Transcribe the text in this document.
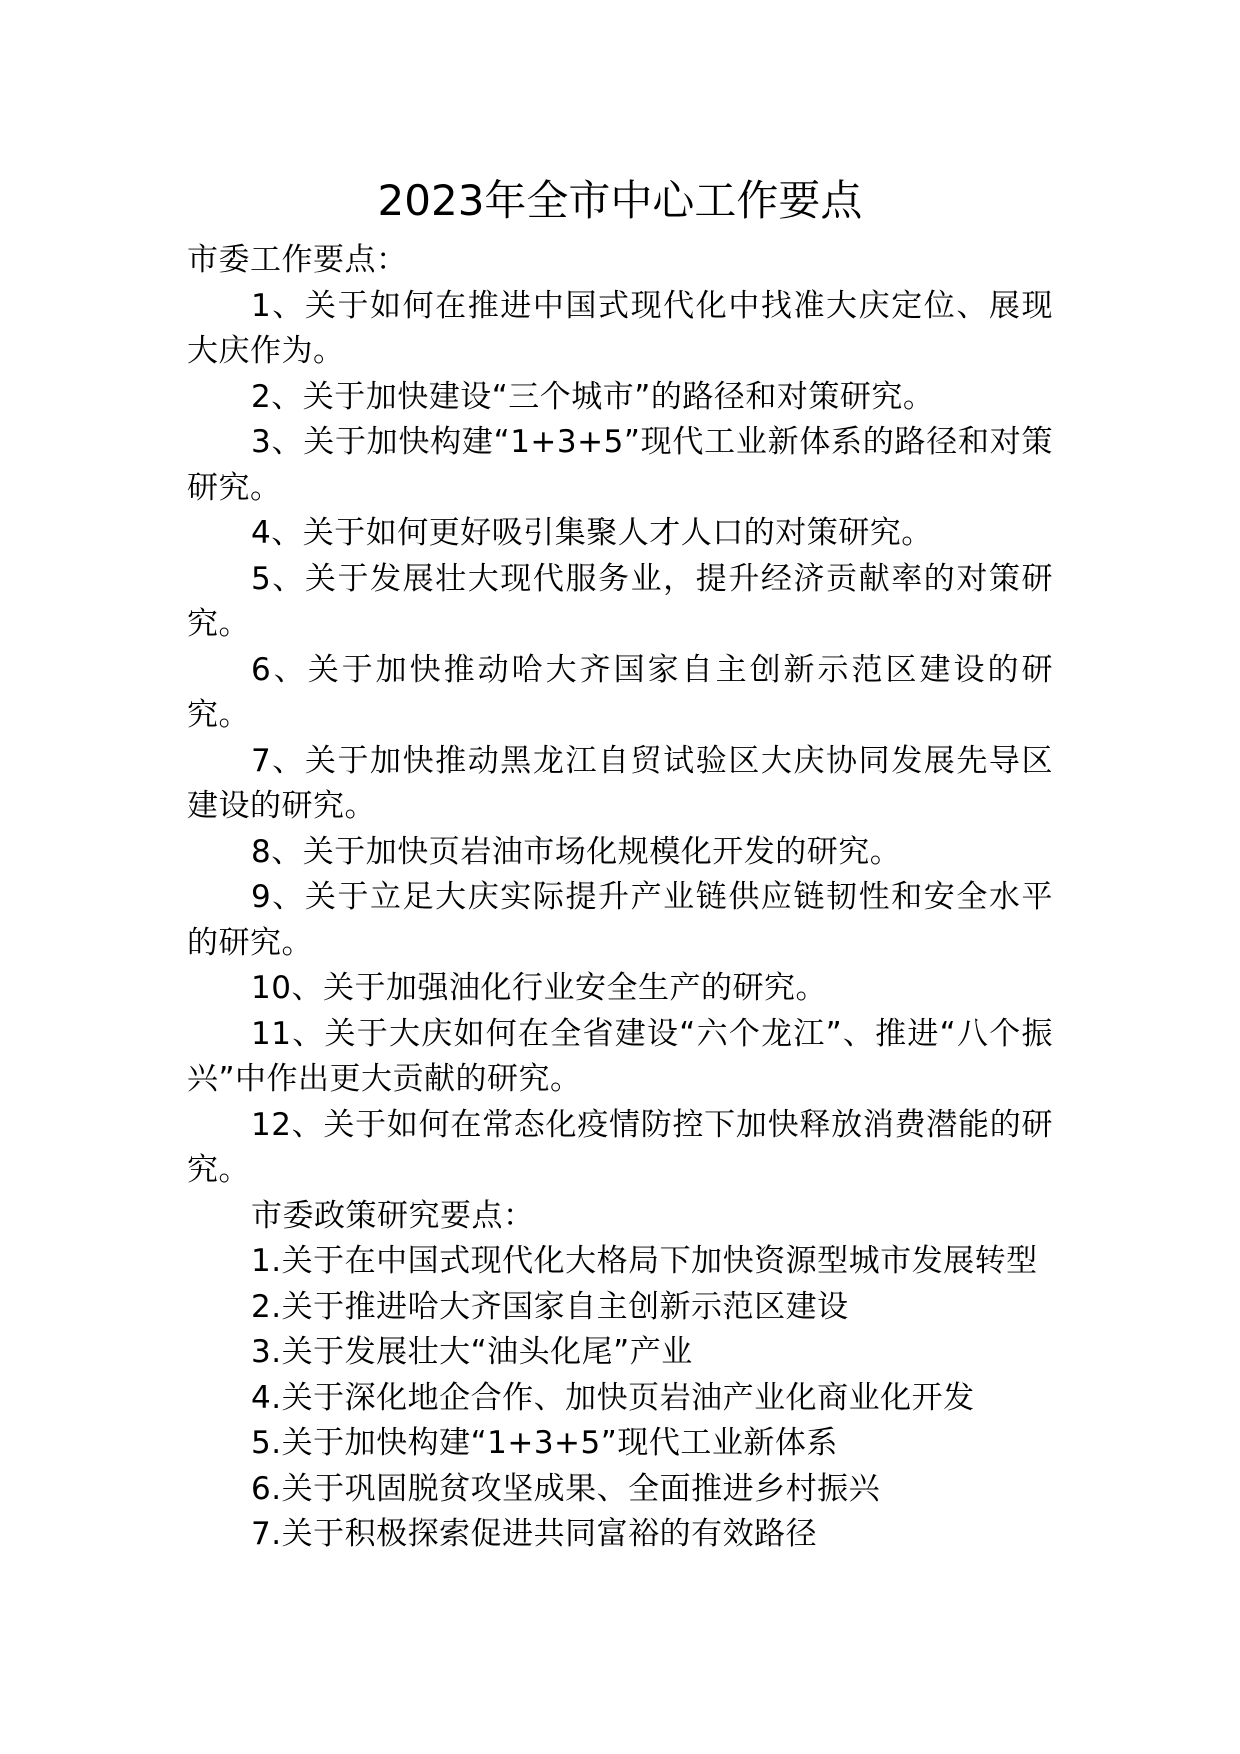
2023年全市中心工作要点

市委工作要点：

1、关于如何在推进中国式现代化中找准大庆定位、展现大庆作为。

2、关于加快建设“三个城市”的路径和对策研究。

3、关于加快构建“1+3+5”现代工业新体系的路径和对策研究。

4、关于如何更好吸引集聚人才人口的对策研究。

5、关于发展壮大现代服务业，提升经济贡献率的对策研究。

6、关于加快推动哈大齐国家自主创新示范区建设的研究。

7、关于加快推动黑龙江自贸试验区大庆协同发展先导区建设的研究。

8、关于加快页岩油市场化规模化开发的研究。

9、关于立足大庆实际提升产业链供应链韧性和安全水平的研究。

10、关于加强油化行业安全生产的研究。

11、关于大庆如何在全省建设“六个龙江”、推进“八个振兴”中作出更大贡献的研究。

12、关于如何在常态化疫情防控下加快释放消费潜能的研究。

市委政策研究要点：

1.关于在中国式现代化大格局下加快资源型城市发展转型

2.关于推进哈大齐国家自主创新示范区建设

3.关于发展壮大“油头化尾”产业

4.关于深化地企合作、加快页岩油产业化商业化开发

5.关于加快构建“1+3+5”现代工业新体系

6.关于巩固脱贫攻坚成果、全面推进乡村振兴

7.关于积极探索促进共同富裕的有效路径
